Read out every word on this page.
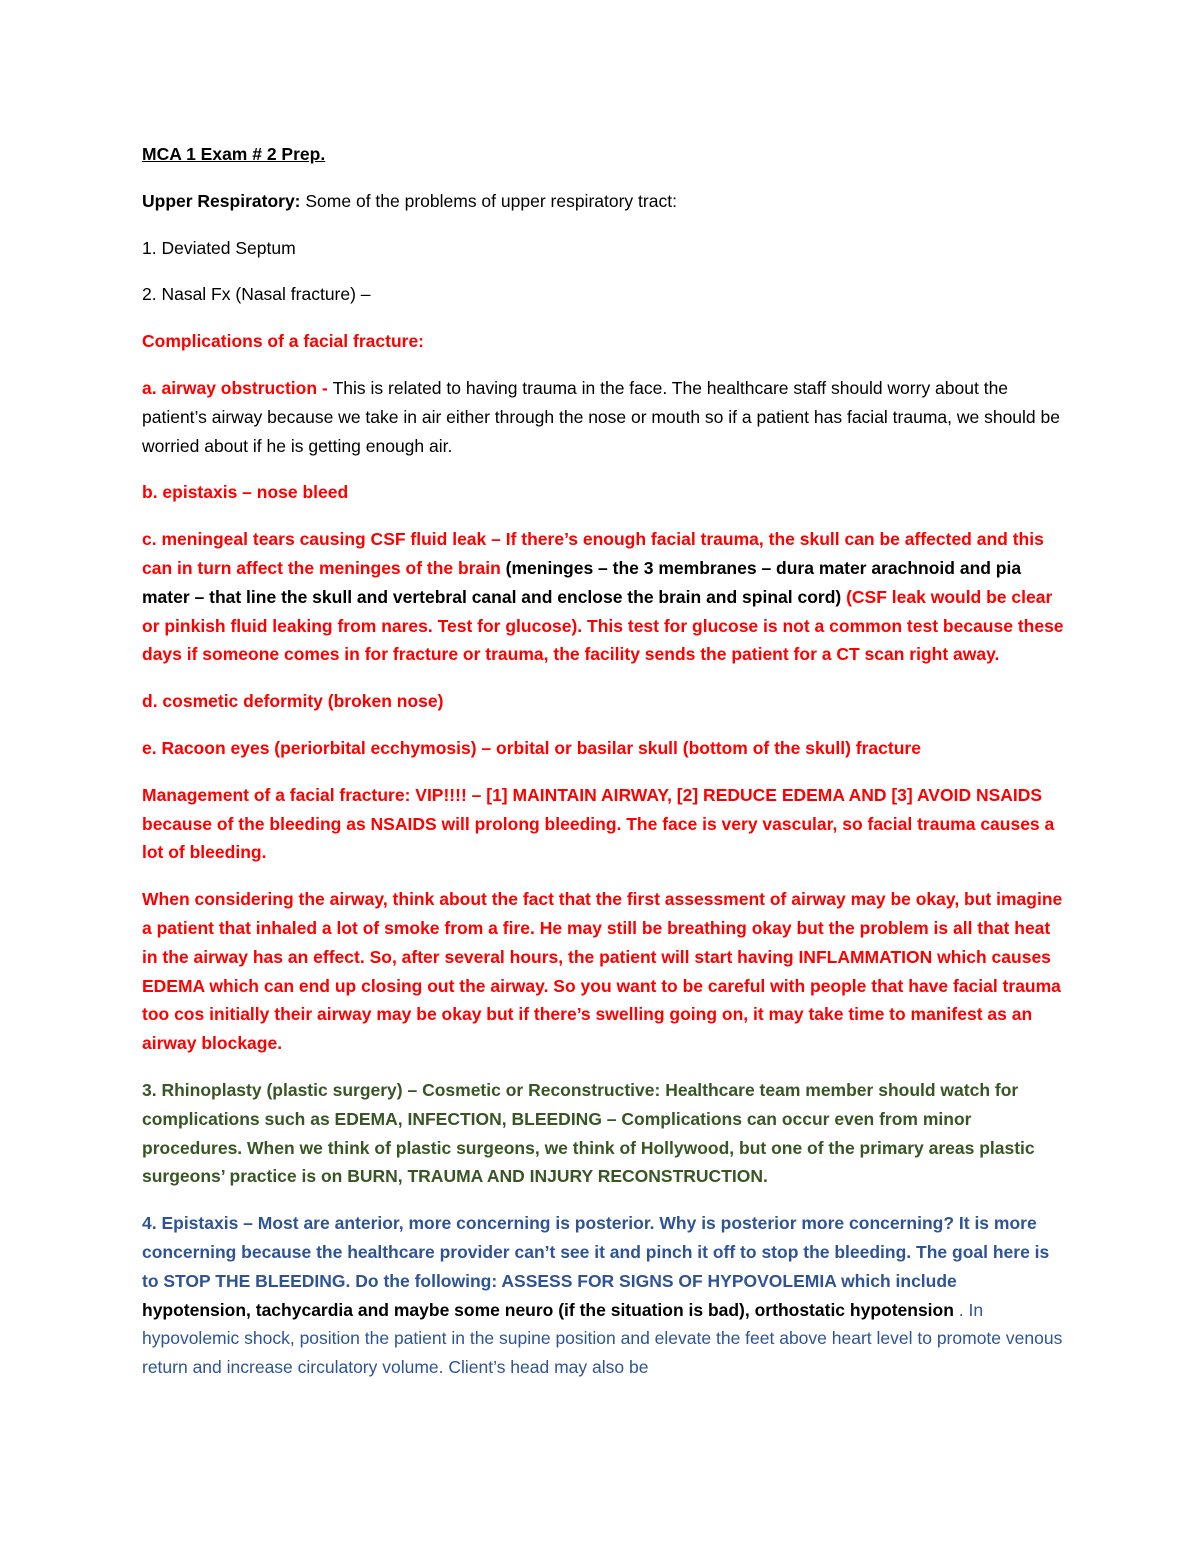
MCA 1 Exam # 2 Prep.

Upper Respiratory: Some of the problems of upper respiratory tract:

1. Deviated Septum

2. Nasal Fx (Nasal fracture) –

Complications of a facial fracture:

a. airway obstruction - This is related to having trauma in the face. The healthcare staff should worry about the patient’s airway because we take in air either through the nose or mouth so if a patient has facial trauma, we should be worried about if he is getting enough air.

b. epistaxis – nose bleed

c. meningeal tears causing CSF fluid leak – If there’s enough facial trauma, the skull can be affected and this can in turn affect the meninges of the brain (meninges – the 3 membranes – dura mater arachnoid and pia mater – that line the skull and vertebral canal and enclose the brain and spinal cord) (CSF leak would be clear or pinkish fluid leaking from nares. Test for glucose). This test for glucose is not a common test because these days if someone comes in for fracture or trauma, the facility sends the patient for a CT scan right away.

d. cosmetic deformity (broken nose)

e. Racoon eyes (periorbital ecchymosis) – orbital or basilar skull (bottom of the skull) fracture

Management of a facial fracture: VIP!!!! – [1] MAINTAIN AIRWAY, [2] REDUCE EDEMA AND [3] AVOID NSAIDS because of the bleeding as NSAIDS will prolong bleeding. The face is very vascular, so facial trauma causes a lot of bleeding.

When considering the airway, think about the fact that the first assessment of airway may be okay, but imagine a patient that inhaled a lot of smoke from a fire. He may still be breathing okay but the problem is all that heat in the airway has an effect. So, after several hours, the patient will start having INFLAMMATION which causes EDEMA which can end up closing out the airway. So you want to be careful with people that have facial trauma too cos initially their airway may be okay but if there’s swelling going on, it may take time to manifest as an airway blockage.

3. Rhinoplasty (plastic surgery) – Cosmetic or Reconstructive: Healthcare team member should watch for complications such as EDEMA, INFECTION, BLEEDING – Complications can occur even from minor procedures. When we think of plastic surgeons, we think of Hollywood, but one of the primary areas plastic surgeons’ practice is on BURN, TRAUMA AND INJURY RECONSTRUCTION.

4. Epistaxis – Most are anterior, more concerning is posterior. Why is posterior more concerning? It is more concerning because the healthcare provider can’t see it and pinch it off to stop the bleeding. The goal here is to STOP THE BLEEDING. Do the following: ASSESS FOR SIGNS OF HYPOVOLEMIA which include hypotension, tachycardia and maybe some neuro (if the situation is bad), orthostatic hypotension . In hypovolemic shock, position the patient in the supine position and elevate the feet above heart level to promote venous return and increase circulatory volume. Client’s head may also be
